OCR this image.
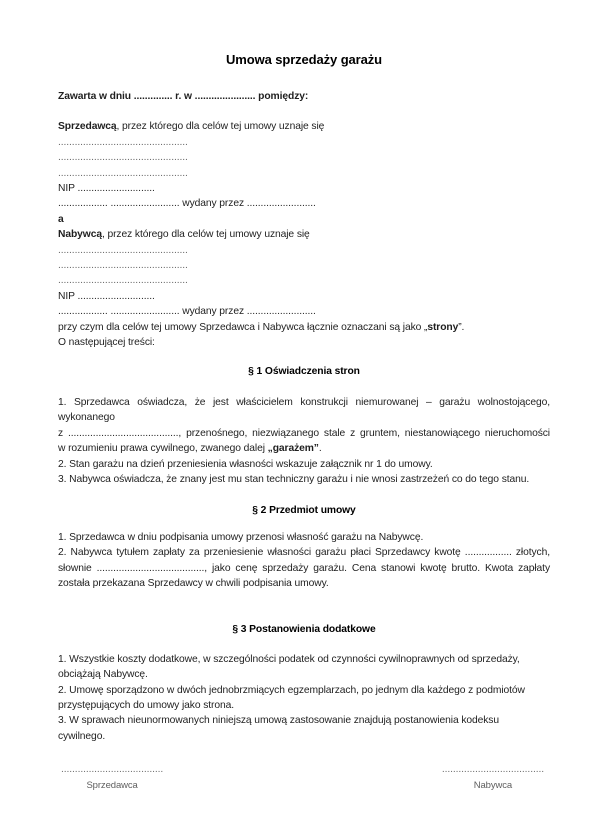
Umowa sprzedaży garażu

Zawarta w dniu .............. r. w ...................... pomiędzy:

Sprzedawcą, przez którego dla celów tej umowy uznaje się

...............................................

...............................................

...............................................

NIP ............................

.................. ......................... wydany przez .........................

a

Nabywcą, przez którego dla celów tej umowy uznaje się

...............................................

...............................................

...............................................

NIP ............................

.................. ......................... wydany przez .........................

przy czym dla celów tej umowy Sprzedawca i Nabywca łącznie oznaczani są jako „strony”.

O następującej treści:

§ 1 Oświadczenia stron

1. Sprzedawca oświadcza, że jest właścicielem konstrukcji niemurowanej – garażu wolnostojącego, wykonanego

z ........................................, przenośnego, niezwiązanego stale z gruntem, niestanowiącego nieruchomości

w rozumieniu prawa cywilnego, zwanego dalej „garażem”.

2. Stan garażu na dzień przeniesienia własności wskazuje załącznik nr 1 do umowy.

3. Nabywca oświadcza, że znany jest mu stan techniczny garażu i nie wnosi zastrzeżeń co do tego stanu.

§ 2 Przedmiot umowy

1. Sprzedawca w dniu podpisania umowy przenosi własność garażu na Nabywcę.

2. Nabywca tytułem zapłaty za przeniesienie własności garażu płaci Sprzedawcy kwotę ................. złotych,

słownie ......................................., jako cenę sprzedaży garażu. Cena stanowi kwotę brutto. Kwota zapłaty

została przekazana Sprzedawcy w chwili podpisania umowy.

§ 3 Postanowienia dodatkowe

1. Wszystkie koszty dodatkowe, w szczególności podatek od czynności cywilnoprawnych od sprzedaży,

obciążają Nabywcę.

2. Umowę sporządzono w dwóch jednobrzmiących egzemplarzach, po jednym dla każdego z podmiotów

przystępujących do umowy jako strona.

3. W sprawach nieunormowanych niniejszą umową zastosowanie znajdują postanowienia kodeksu

cywilnego.

.....................................
Sprzedawca
.....................................
Nabywca
